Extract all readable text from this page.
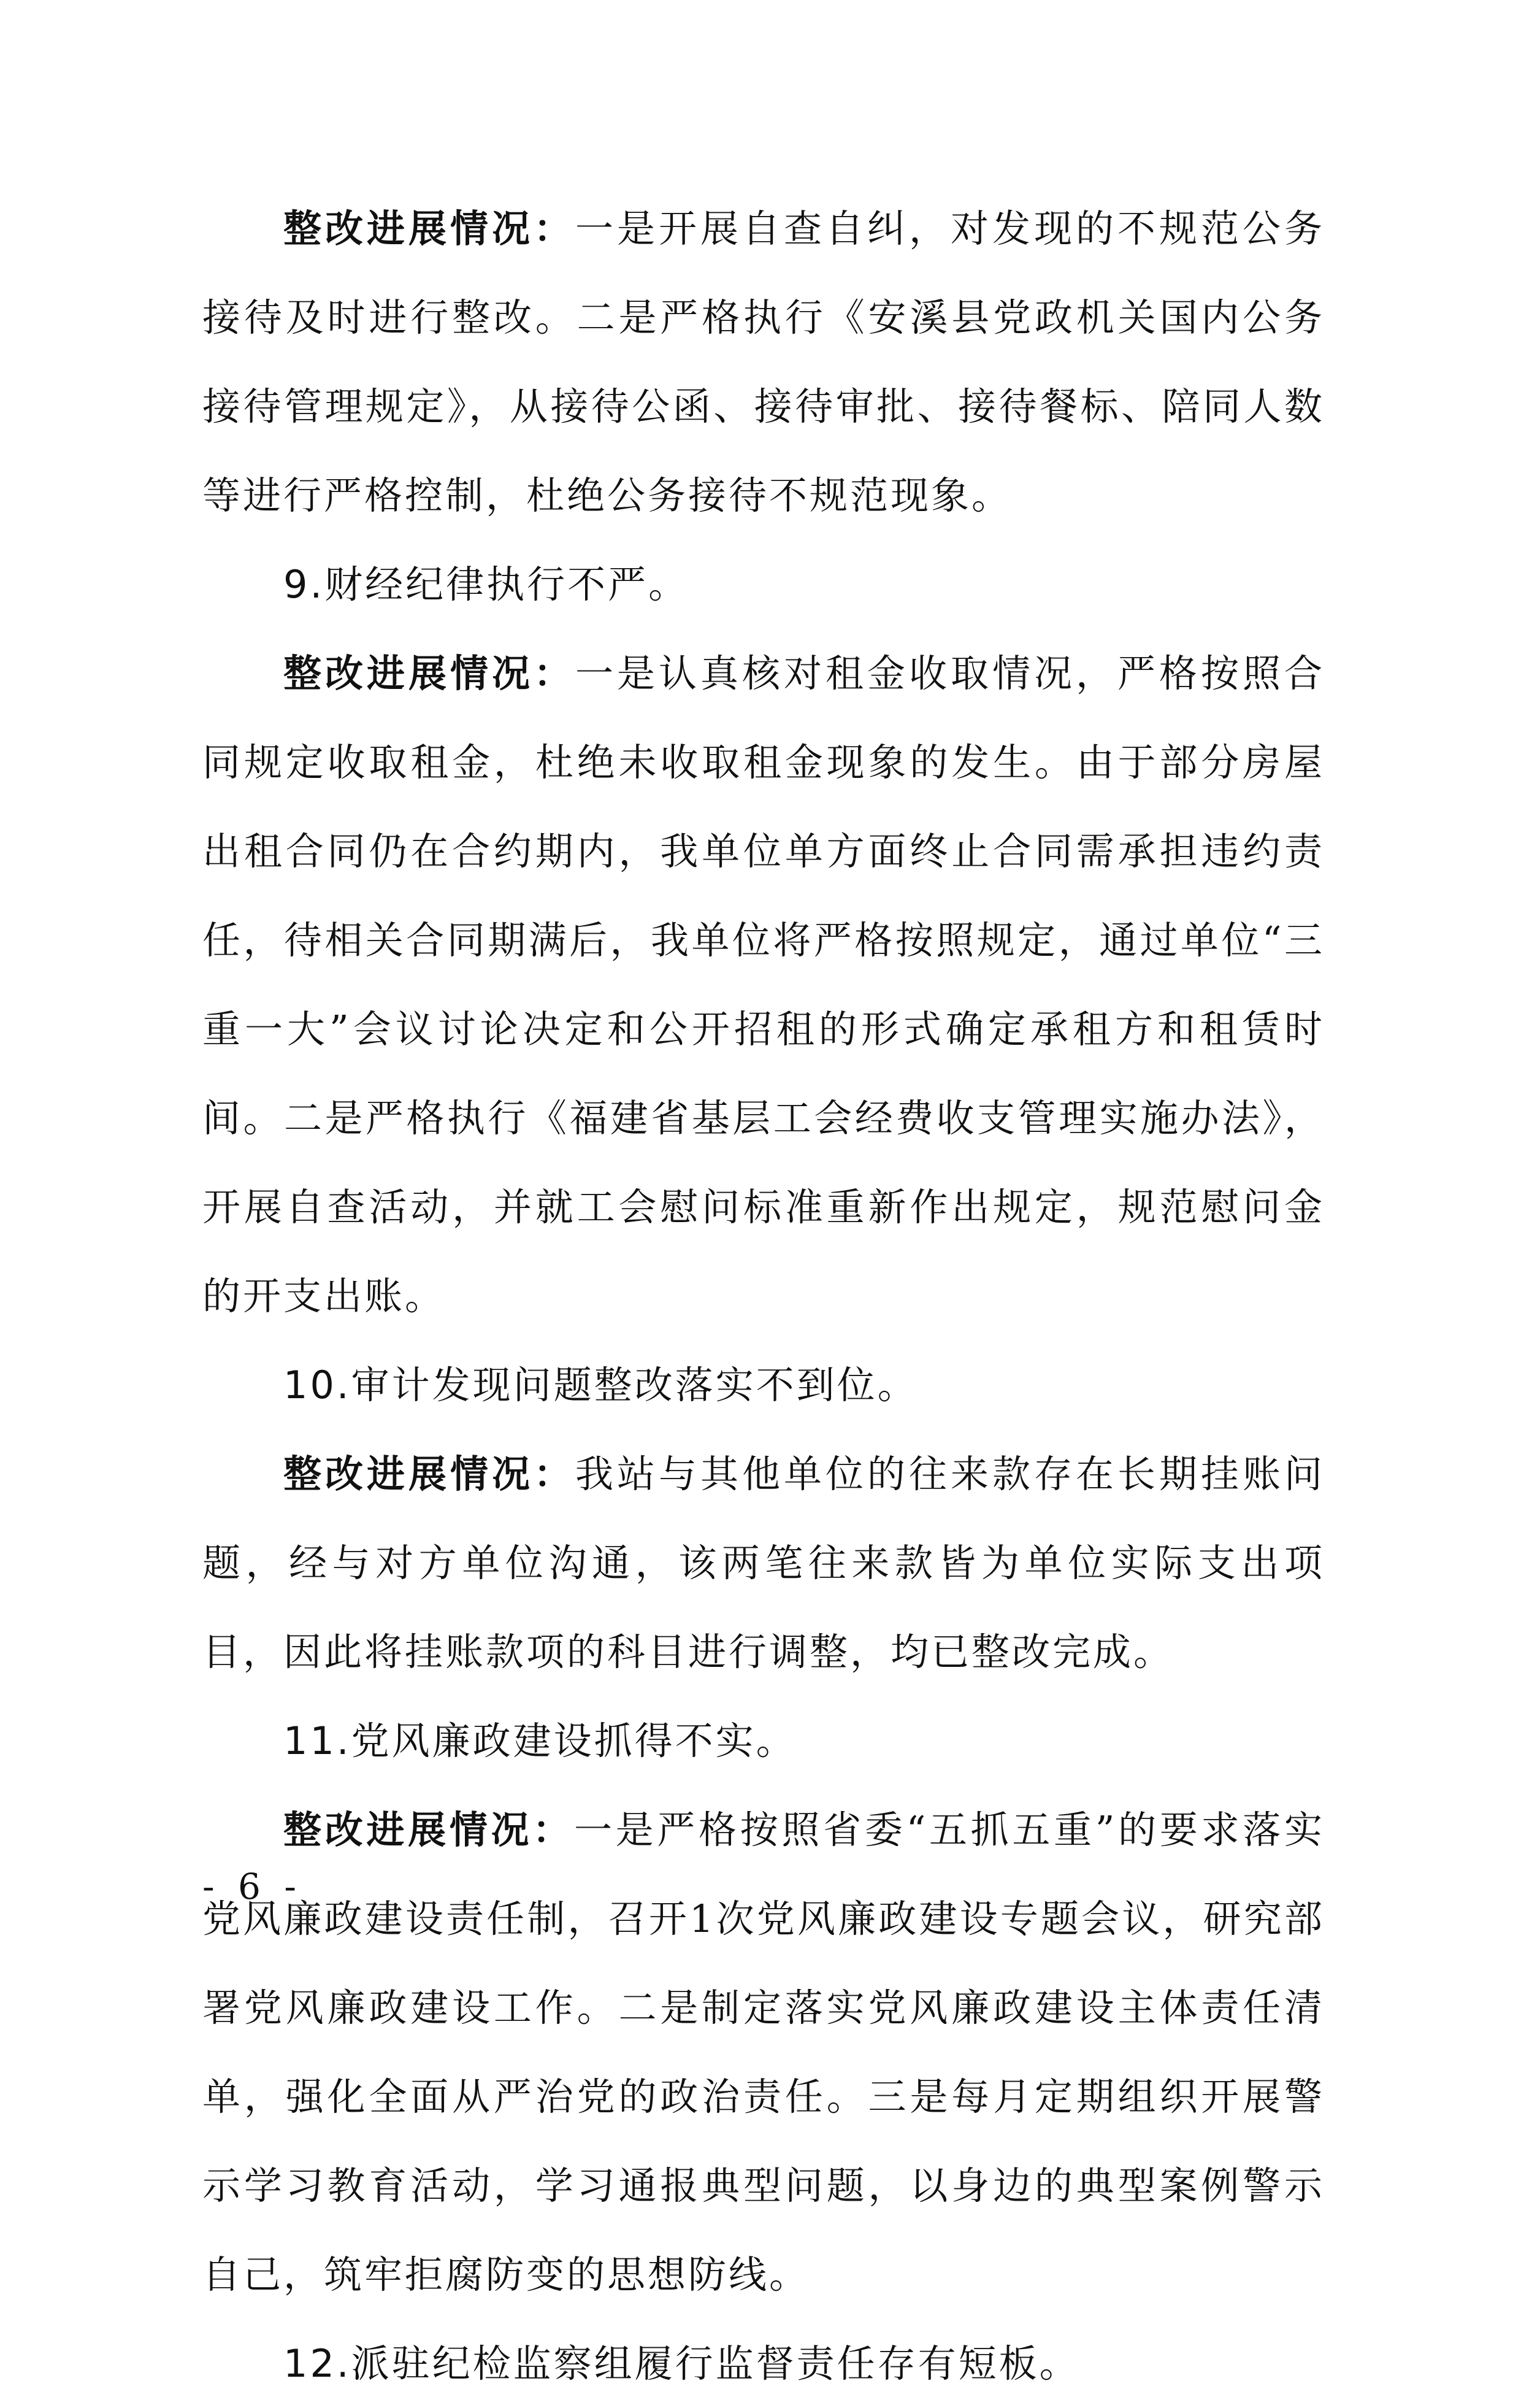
整改进展情况：一是开展自查自纠，对发现的不规范公务接待及时进行整改。二是严格执行《安溪县党政机关国内公务接待管理规定》，从接待公函、接待审批、接待餐标、陪同人数等进行严格控制，杜绝公务接待不规范现象。

9.财经纪律执行不严。

整改进展情况：一是认真核对租金收取情况，严格按照合同规定收取租金，杜绝未收取租金现象的发生。由于部分房屋出租合同仍在合约期内，我单位单方面终止合同需承担违约责任，待相关合同期满后，我单位将严格按照规定，通过单位“三重一大”会议讨论决定和公开招租的形式确定承租方和租赁时间。二是严格执行《福建省基层工会经费收支管理实施办法》，开展自查活动，并就工会慰问标准重新作出规定，规范慰问金的开支出账。

10.审计发现问题整改落实不到位。

整改进展情况：我站与其他单位的往来款存在长期挂账问题，经与对方单位沟通，该两笔往来款皆为单位实际支出项目，因此将挂账款项的科目进行调整，均已整改完成。

11.党风廉政建设抓得不实。

整改进展情况：一是严格按照省委“五抓五重”的要求落实党风廉政建设责任制，召开1次党风廉政建设专题会议，研究部署党风廉政建设工作。二是制定落实党风廉政建设主体责任清单，强化全面从严治党的政治责任。三是每月定期组织开展警示学习教育活动，学习通报典型问题，以身边的典型案例警示自己，筑牢拒腐防变的思想防线。

12.派驻纪检监察组履行监督责任存有短板。

- 6 -
